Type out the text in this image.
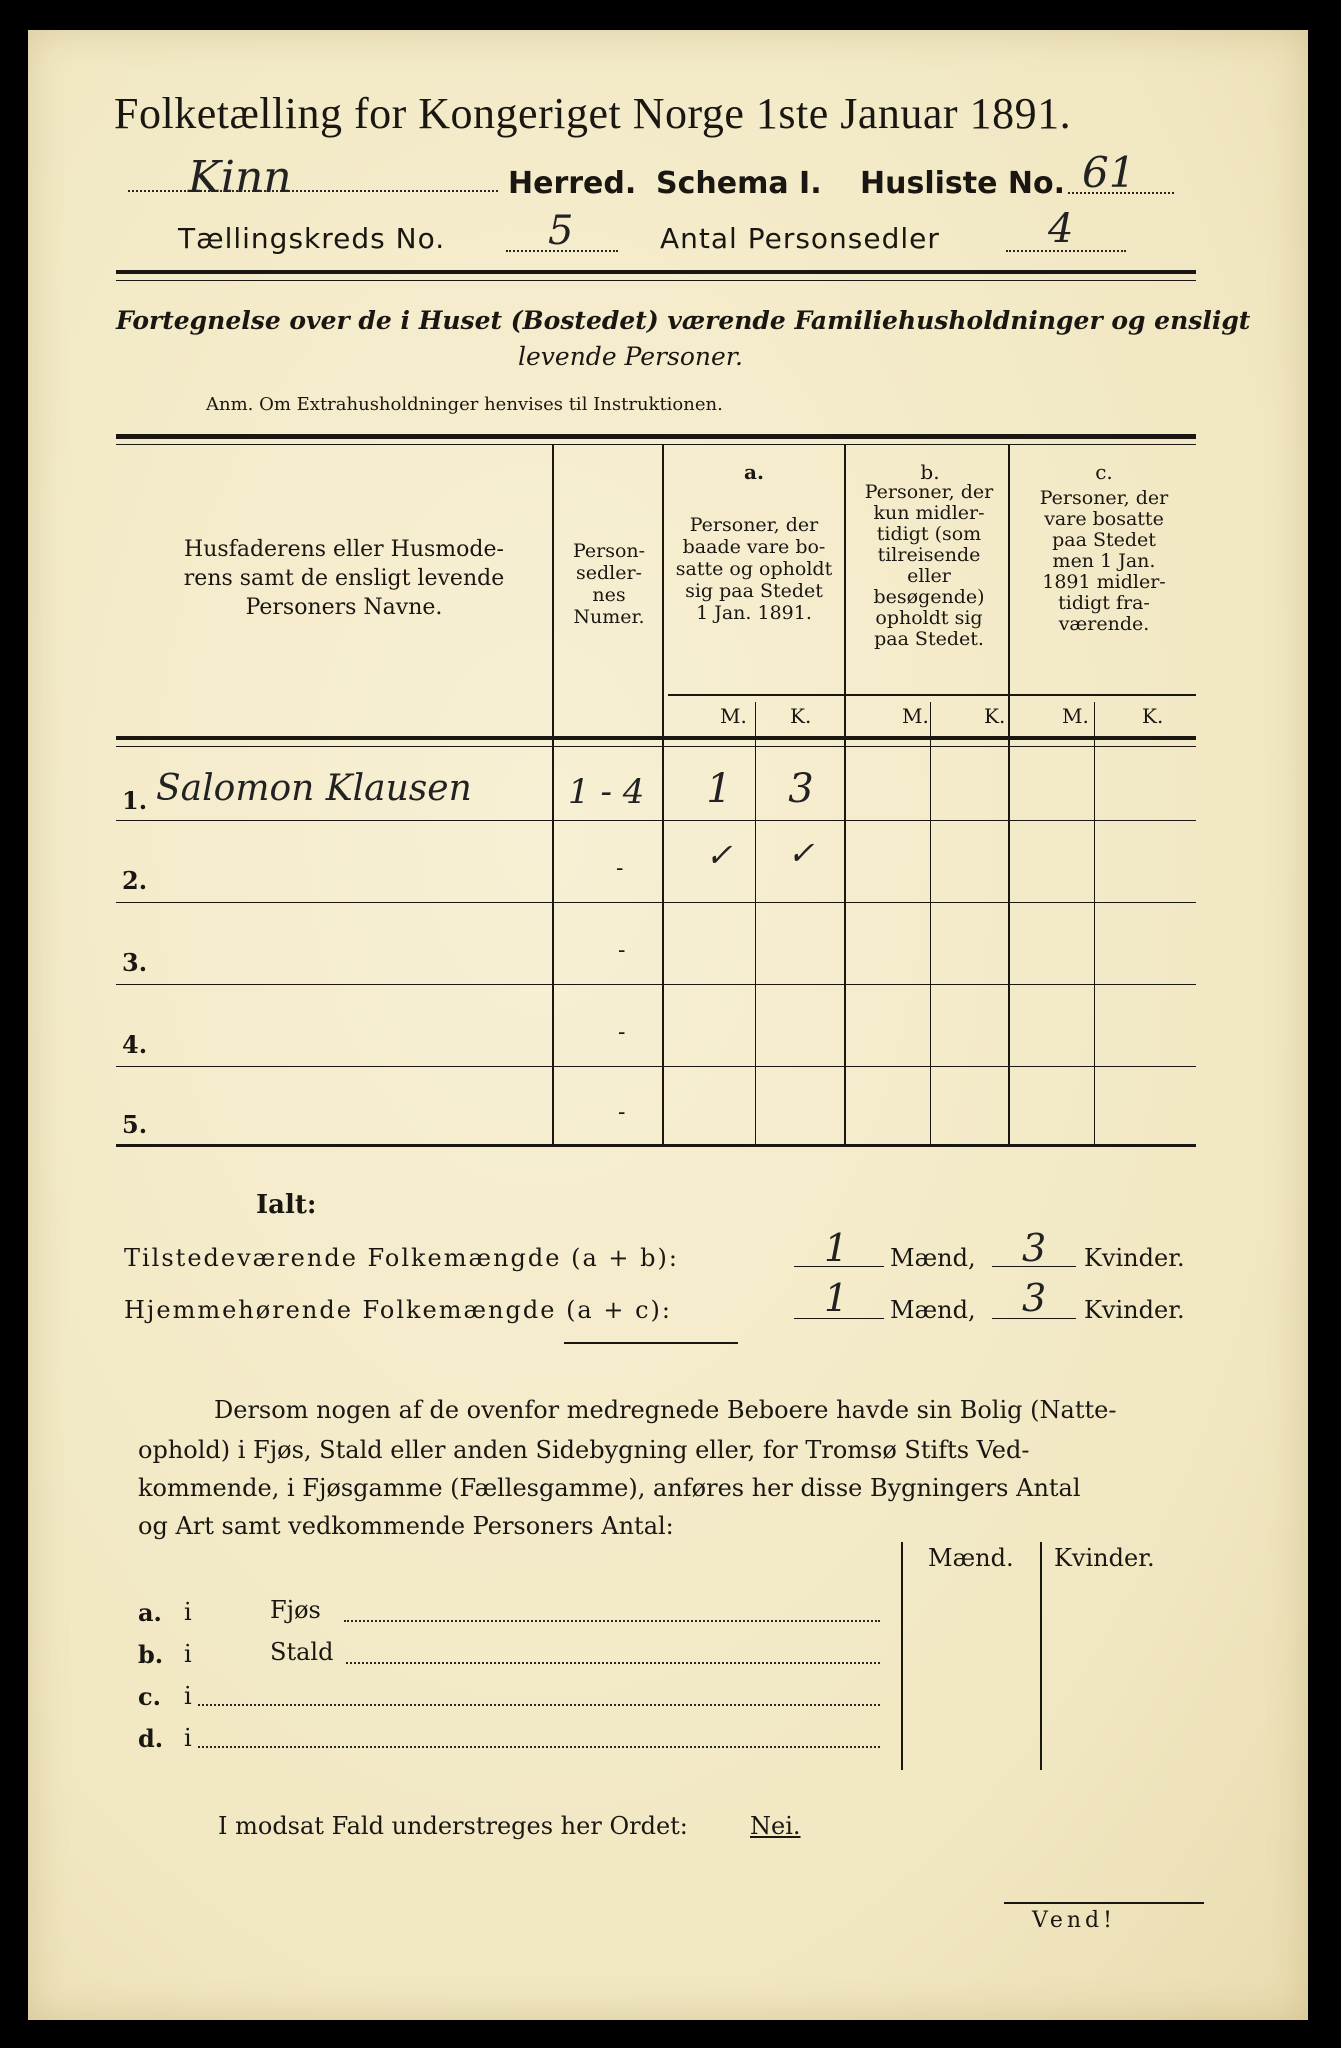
Folketælling for Kongeriget Norge 1ste Januar 1891.
Kinn	Herred. Schema I. Husliste No. 61
Tællingskreds No.	5	Antal Personsedler	4
Fortegnelse over de i Huset (Bostedet) værende Familiehusholdninger og ensligt
levende Personer.
Anm. Om Extrahusholdninger henvises til Instruktionen.
Husfaderens eller Husmode-
rens samt de ensligt levende
Personers Navne.
Person-
sedler-
nes
Numer.
a.
Personer, der
baade vare bo-
satte og opholdt
sig paa Stedet
1 Jan. 1891.
b.
Personer, der
kun midler-
tidigt (som
tilreisende
eller
besøgende)
opholdt sig
paa Stedet.
c.
Personer, der
vare bosatte
paa Stedet
men 1 Jan.
1891 midler-
tidigt fra-
værende.
M. K.	M.	K.	M.	K.
1. Salomon Klausen	1 - 4	1	3
2.	-	✓	✓
3.	-
4.	-
5.	-
Ialt:
Tilstedeværende Folkemængde (a + b):	1 Mænd, 3 Kvinder.
Hjemmehørende Folkemængde (a + c):	1 Mænd, 3 Kvinder.
Dersom nogen af de ovenfor medregnede Beboere havde sin Bolig (Natte-
ophold) i Fjøs, Stald eller anden Sidebygning eller, for Tromsø Stifts Ved-
kommende, i Fjøsgamme (Fællesgamme), anføres her disse Bygningers Antal
og Art samt vedkommende Personers Antal:
Mænd. Kvinder.
a. i	Fjøs
b. i	Stald
c. i
d. i
I modsat Fald understreges her Ordet:	Nei.
Vend!
